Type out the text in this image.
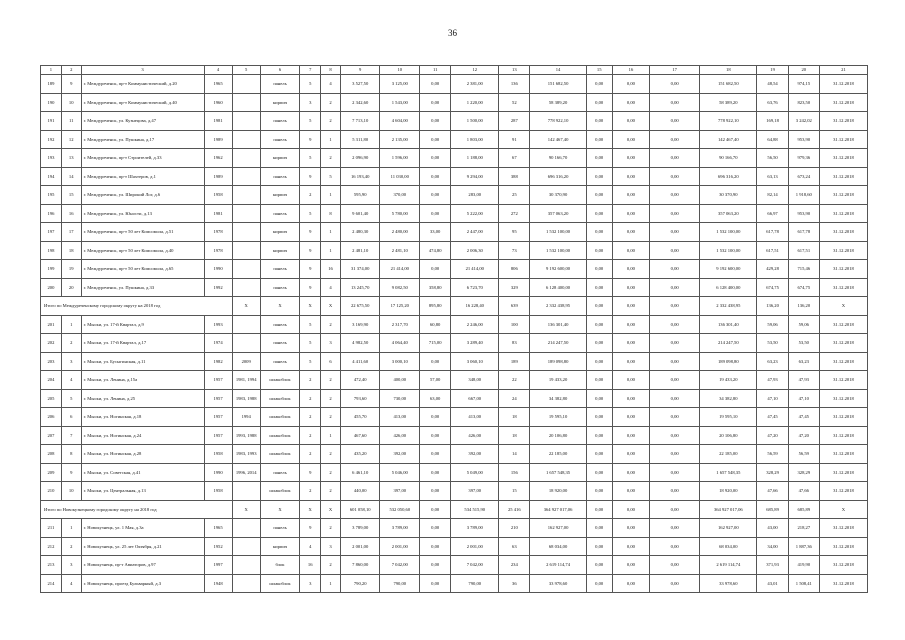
36
1	2	3	4	5	6	7	8	9	10	11	12	13	14	15	16	17	18	19	20	21
189	9	г. Междуреченск, пр-т Коммунистический, д.20	1965		панель	5	4	3 527,50	3 125,00	0,00	2 381,00	136	151 682,50	0,00	0,00	0,00	151 682,50	48,54	974,15	31.12.2018
190	10	г. Междуреченск, пр-т Коммунистический, д.40	1960		кирпич	3	2	2 342,60	1 543,00	0,00	1 220,00	52	58 389,20	0,00	0,00	0,00	58 389,20	63,76	823,50	31.12.2018
191	11	г. Междуреченск, ул. Кузнецова, д.47	1981		панель	5	2	7 713,10	4 604,00	0,00	1 500,00	287	778 922,10	0,00	0,00	0,00	778 922,10	169,18	3 242,02	31.12.2018
192	12	г. Междуреченск, ул. Пушкина, д.17	1989		панель	9	1	5 311,80	2 135,00	0,00	1 803,00	91	142 467,40	0,00	0,00	0,00	142 467,40	64,88	953,90	31.12.2018
193	13	г. Междуреченск, пр-т Строителей, д.33	1962		кирпич	5	2	2 096,90	1 596,00	0,00	1 188,00	67	90 166,70	0,00	0,00	0,00	90 166,70	56,50	979,36	31.12.2018
194	14	г. Междуреченск, пр-т Шахтеров, д.1	1989		панель	9	5	16 193,40	11 030,00	0,00	9 294,00	388	696 316,20	0,00	0,00	0,00	696 316,20	63,13	673,24	31.12.2018
195	15	г. Междуреченск, ул. Широкий Лог, д.6	1958		кирпич	2	1	595,90	370,00	0,00	283,00	25	30 370,90	0,00	0,00	0,00	30 370,90	82,14	1 918,60	31.12.2018
196	16	г. Междуреченск, ул. Юности, д.13	1981		панель	5	8	9 601,40	5 780,00	0,00	5 222,00	272	357 063,20	0,00	0,00	0,00	357 063,20	66,97	953,90	31.12.2018
197	17	г. Междуреченск, пр-т 50 лет Комсомола, д.51	1978		кирпич	9	1	2 480,30	2 480,00	33,00	2 447,00	95	1 532 100,00	0,00	0,00	0,00	1 532 100,00	617,78	617,78	31.12.2018
198	18	г. Междуреченск, пр-т 50 лет Комсомола, д.40	1978		кирпич	9	1	2 481,10	2 481,10	474,80	2 006,30	73	1 532 100,00	0,00	0,00	0,00	1 532 100,00	617,51	617,51	31.12.2018
199	19	г. Междуреченск, пр-т 50 лет Комсомола, д.65	1990		панель	9	16	31 374,00	21 414,00	0,00	21 414,00	806	9 192 600,00	0,00	0,00	0,00	9 192 600,00	429,28	715,46	31.12.2018
200	20	г. Междуреченск, ул. Пушкина, д.33	1992		панель	9	4	13 245,70	9 082,50	358,80	6 723,70	329	6 128 400,00	0,00	0,00	0,00	6 128 400,00	674,75	674,75	31.12.2018
Итого по Междуреченскому городскому округу на 2018 год				X	X	X	X	22 675,50	17 125,20	895,80	16 228,40	639	2 332 438,95	0,00	0,00	0,00	2 332 438,95	136,20	136,20	X
201	1	г. Мыски, ул. 17-й Квартал, д.9	1993		панель	5	2	3 169,90	2 317,70	60,80	2 246,00	100	136 301,40	0,00	0,00	0,00	136 301,40	59,06	59,06	31.12.2018
202	2	г. Мыски, ул. 17-й Квартал, д.17	1974		панель	5	3	4 982,50	4 064,40	715,00	3 289,40	83	214 247,50	0,00	0,00	0,00	214 247,50	53,50	53,50	31.12.2018
203	3	г. Мыски, ул. Бусыгинская, д.11	1982	2009	панель	5	6	4 411,60	3 000,10	0,00	3 060,10	189	189 098,80	0,00	0,00	0,00	189 098,80	63,23	63,23	31.12.2018
204	4	г. Мыски, ул. Ленина, д.15а	1957	1981, 1994	шлакоблок	2	2	472,40	400,00	57,00	348,00	22	19 433,20	0,00	0,00	0,00	19 433,20	47,93	47,93	31.12.2018
205	5	г. Мыски, ул. Ленина, д.25	1957	1983, 1988	шлакоблок	2	2	793,60	730,00	63,00	667,00	24	34 382,80	0,00	0,00	0,00	34 382,80	47,10	47,10	31.12.2018
206	6	г. Мыски, ул. Ногинская, д.18	1957	1994	шлакоблок	2	2	455,70	413,00	0,00	413,00	18	19 595,10	0,00	0,00	0,00	19 595,10	47,45	47,45	31.12.2018
207	7	г. Мыски, ул. Ногинская, д.24	1957	1993, 1988	шлакоблок	2	1	467,60	426,00	0,00	426,00	18	20 106,80	0,00	0,00	0,00	20 106,80	47,20	47,20	31.12.2018
208	8	г. Мыски, ул. Ногинская, д.28	1958	1983, 1993	шлакоблок	2	2	435,20	392,00	0,00	392,00	14	22 185,00	0,00	0,00	0,00	22 185,00	56,59	56,59	31.12.2018
209	9	г. Мыски, ул. Советская, д.41	1990	1996, 2014	панель	9	2	6 461,10	5 046,00	0,00	5 049,00	156	1 657 548,35	0,00	0,00	0,00	1 657 548,35	328,29	328,29	31.12.2018
210	10	г. Мыски, ул. Центральная, д.13	1958		шлакоблок	2	2	440,00	397,00	0,00	397,00	15	18 920,00	0,00	0,00	0,00	18 920,00	47,66	47,66	31.12.2018
Итого по Новокузнецкому городскому округу на 2018 год				X	X	X	X	601 058,10	532 050,60	0,00	534 515,90	25 416	364 927 017,06	0,00	0,00	0,00	364 927 017,06	685,89	685,89	X
211	1	г. Новокузнецк, ул. 1 Мая, д.3а	1965		панель	9	2	3 789,00	3 789,00	0,00	3 789,00	210	162 927,00	0,00	0,00	0,00	162 927,00	43,00	218,27	31.12.2018
212	2	г. Новокузнецк, ул. 25 лет Октября, д.21	1952		кирпич	4	3	2 001,00	2 001,00	0,00	2 001,00	63	68 034,00	0,00	0,00	0,00	68 034,00	34,00	1 887,36	31.12.2018
213	3	г. Новокузнецк, пр-т Авиаторов, д.97	1997		блок	16	2	7 860,00	7 042,00	0,00	7 042,00	234	2 619 114,74	0,00	0,00	0,00	2 619 114,74	371,93	419,90	31.12.2018
214	4	г. Новокузнецк, проезд Бульварный, д.3	1948		шлакоблок	3	1	790,20	790,00	0,00	790,00	36	33 978,60	0,00	0,00	0,00	33 978,60	43,01	1 508,41	31.12.2018
